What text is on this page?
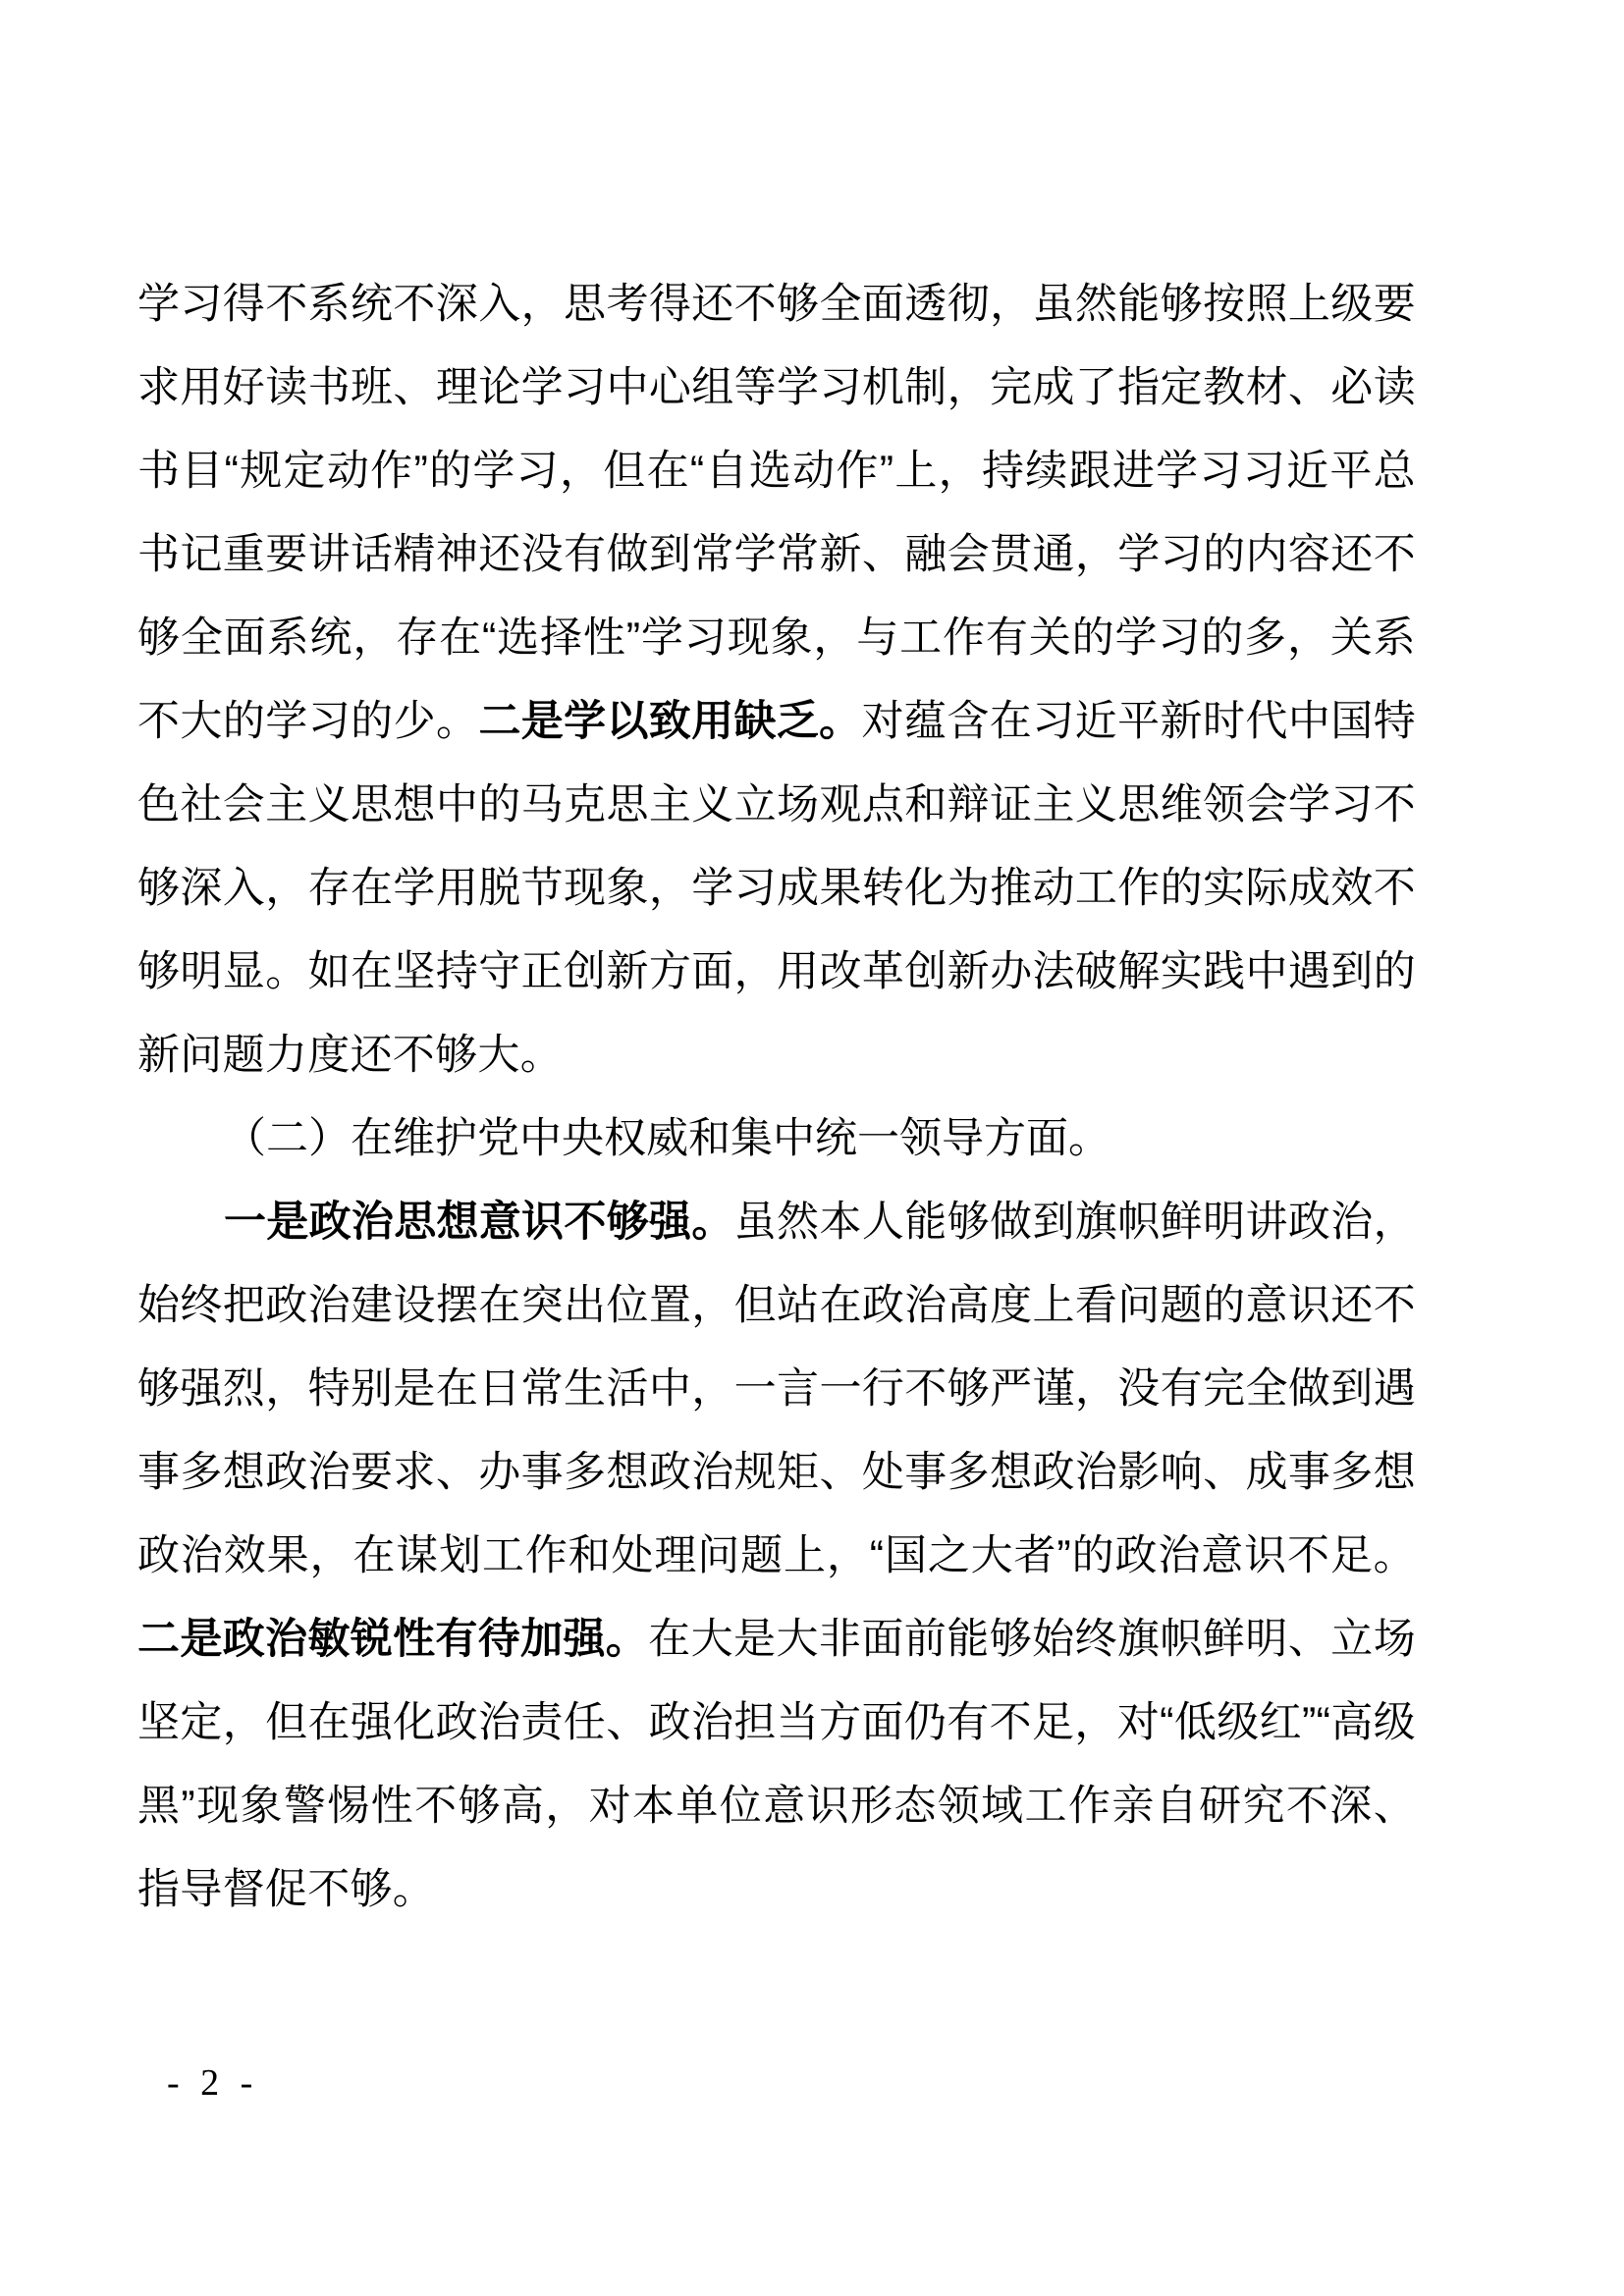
学习得不系统不深入，思考得还不够全面透彻，虽然能够按照上级要求用好读书班、理论学习中心组等学习机制，完成了指定教材、必读书目“规定动作”的学习，但在“自选动作”上，持续跟进学习习近平总书记重要讲话精神还没有做到常学常新、融会贯通，学习的内容还不够全面系统，存在“选择性”学习现象，与工作有关的学习的多，关系不大的学习的少。二是学以致用缺乏。对蕴含在习近平新时代中国特色社会主义思想中的马克思主义立场观点和辩证主义思维领会学习不够深入，存在学用脱节现象，学习成果转化为推动工作的实际成效不够明显。如在坚持守正创新方面，用改革创新办法破解实践中遇到的新问题力度还不够大。

（二）在维护党中央权威和集中统一领导方面。

一是政治思想意识不够强。虽然本人能够做到旗帜鲜明讲政治，始终把政治建设摆在突出位置，但站在政治高度上看问题的意识还不够强烈，特别是在日常生活中，一言一行不够严谨，没有完全做到遇事多想政治要求、办事多想政治规矩、处事多想政治影响、成事多想政治效果，在谋划工作和处理问题上，“国之大者”的政治意识不足。二是政治敏锐性有待加强。在大是大非面前能够始终旗帜鲜明、立场坚定，但在强化政治责任、政治担当方面仍有不足，对“低级红”“高级黑”现象警惕性不够高，对本单位意识形态领域工作亲自研究不深、指导督促不够。

- 2 -
